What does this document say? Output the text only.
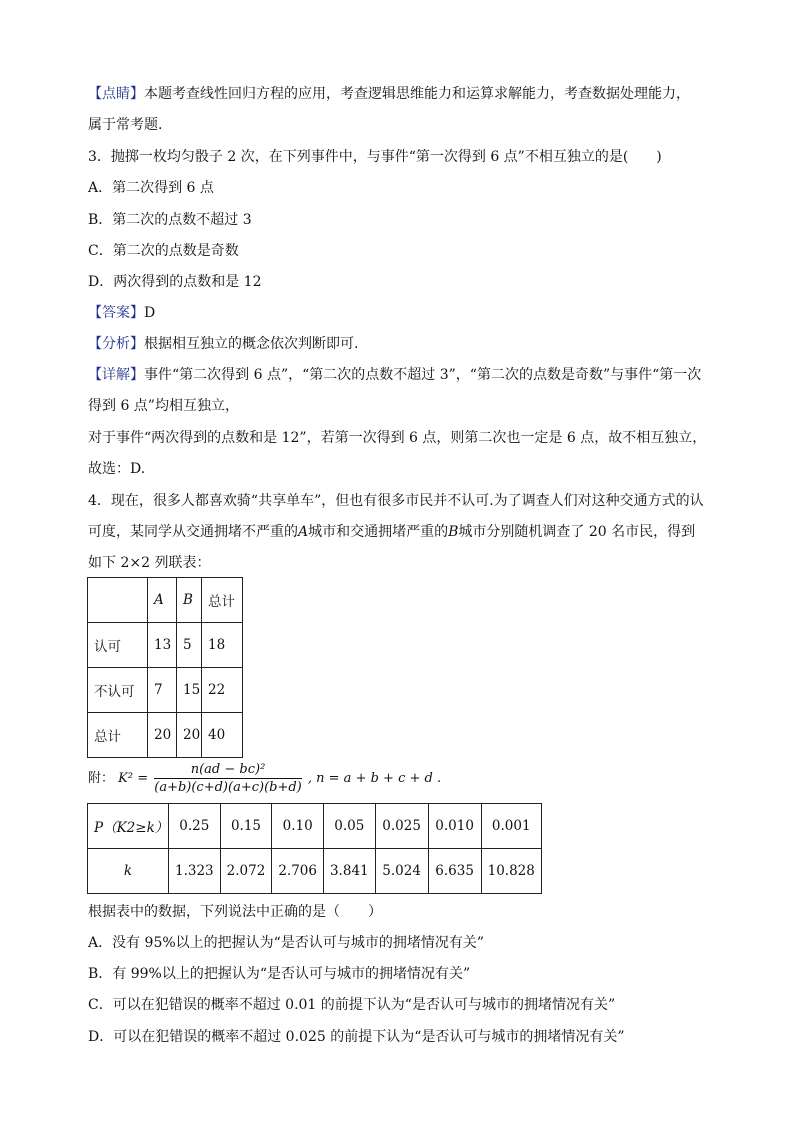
【点睛】本题考查线性回归方程的应用，考查逻辑思维能力和运算求解能力，考查数据处理能力，
属于常考题.
3．抛掷一枚均匀骰子 2 次，在下列事件中，与事件“第一次得到 6 点”不相互独立的是(　　)
A．第二次得到 6 点
B．第二次的点数不超过 3
C．第二次的点数是奇数
D．两次得到的点数和是 12
【答案】D
【分析】根据相互独立的概念依次判断即可.
【详解】事件“第二次得到 6 点”，“第二次的点数不超过 3”，“第二次的点数是奇数”与事件“第一次
得到 6 点”均相互独立，
对于事件“两次得到的点数和是 12”，若第一次得到 6 点，则第二次也一定是 6 点，故不相互独立，
故选：D.
4．现在，很多人都喜欢骑“共享单车”，但也有很多市民并不认可.为了调查人们对这种交通方式的认
可度，某同学从交通拥堵不严重的A城市和交通拥堵严重的B城市分别随机调查了 20 名市民，得到
如下 2×2 列联表：
	A	B	总计
认可	13	5	18
不认可	7	15	22
总计	20	20	40
附： $K^2 = \frac{\text{n(ad − bc)²}}{(a+b)(c+d)(a+c)(b+d)}$ , n = a + b + c + d .
P（K2≥k）	0.25	0.15	0.10	0.05	0.025	0.010	0.001
k	1.323	2.072	2.706	3.841	5.024	6.635	10.828
根据表中的数据，下列说法中正确的是（　　）
A．没有 95%以上的把握认为“是否认可与城市的拥堵情况有关”
B．有 99%以上的把握认为“是否认可与城市的拥堵情况有关”
C．可以在犯错误的概率不超过 0.01 的前提下认为“是否认可与城市的拥堵情况有关”
D．可以在犯错误的概率不超过 0.025 的前提下认为“是否认可与城市的拥堵情况有关”
